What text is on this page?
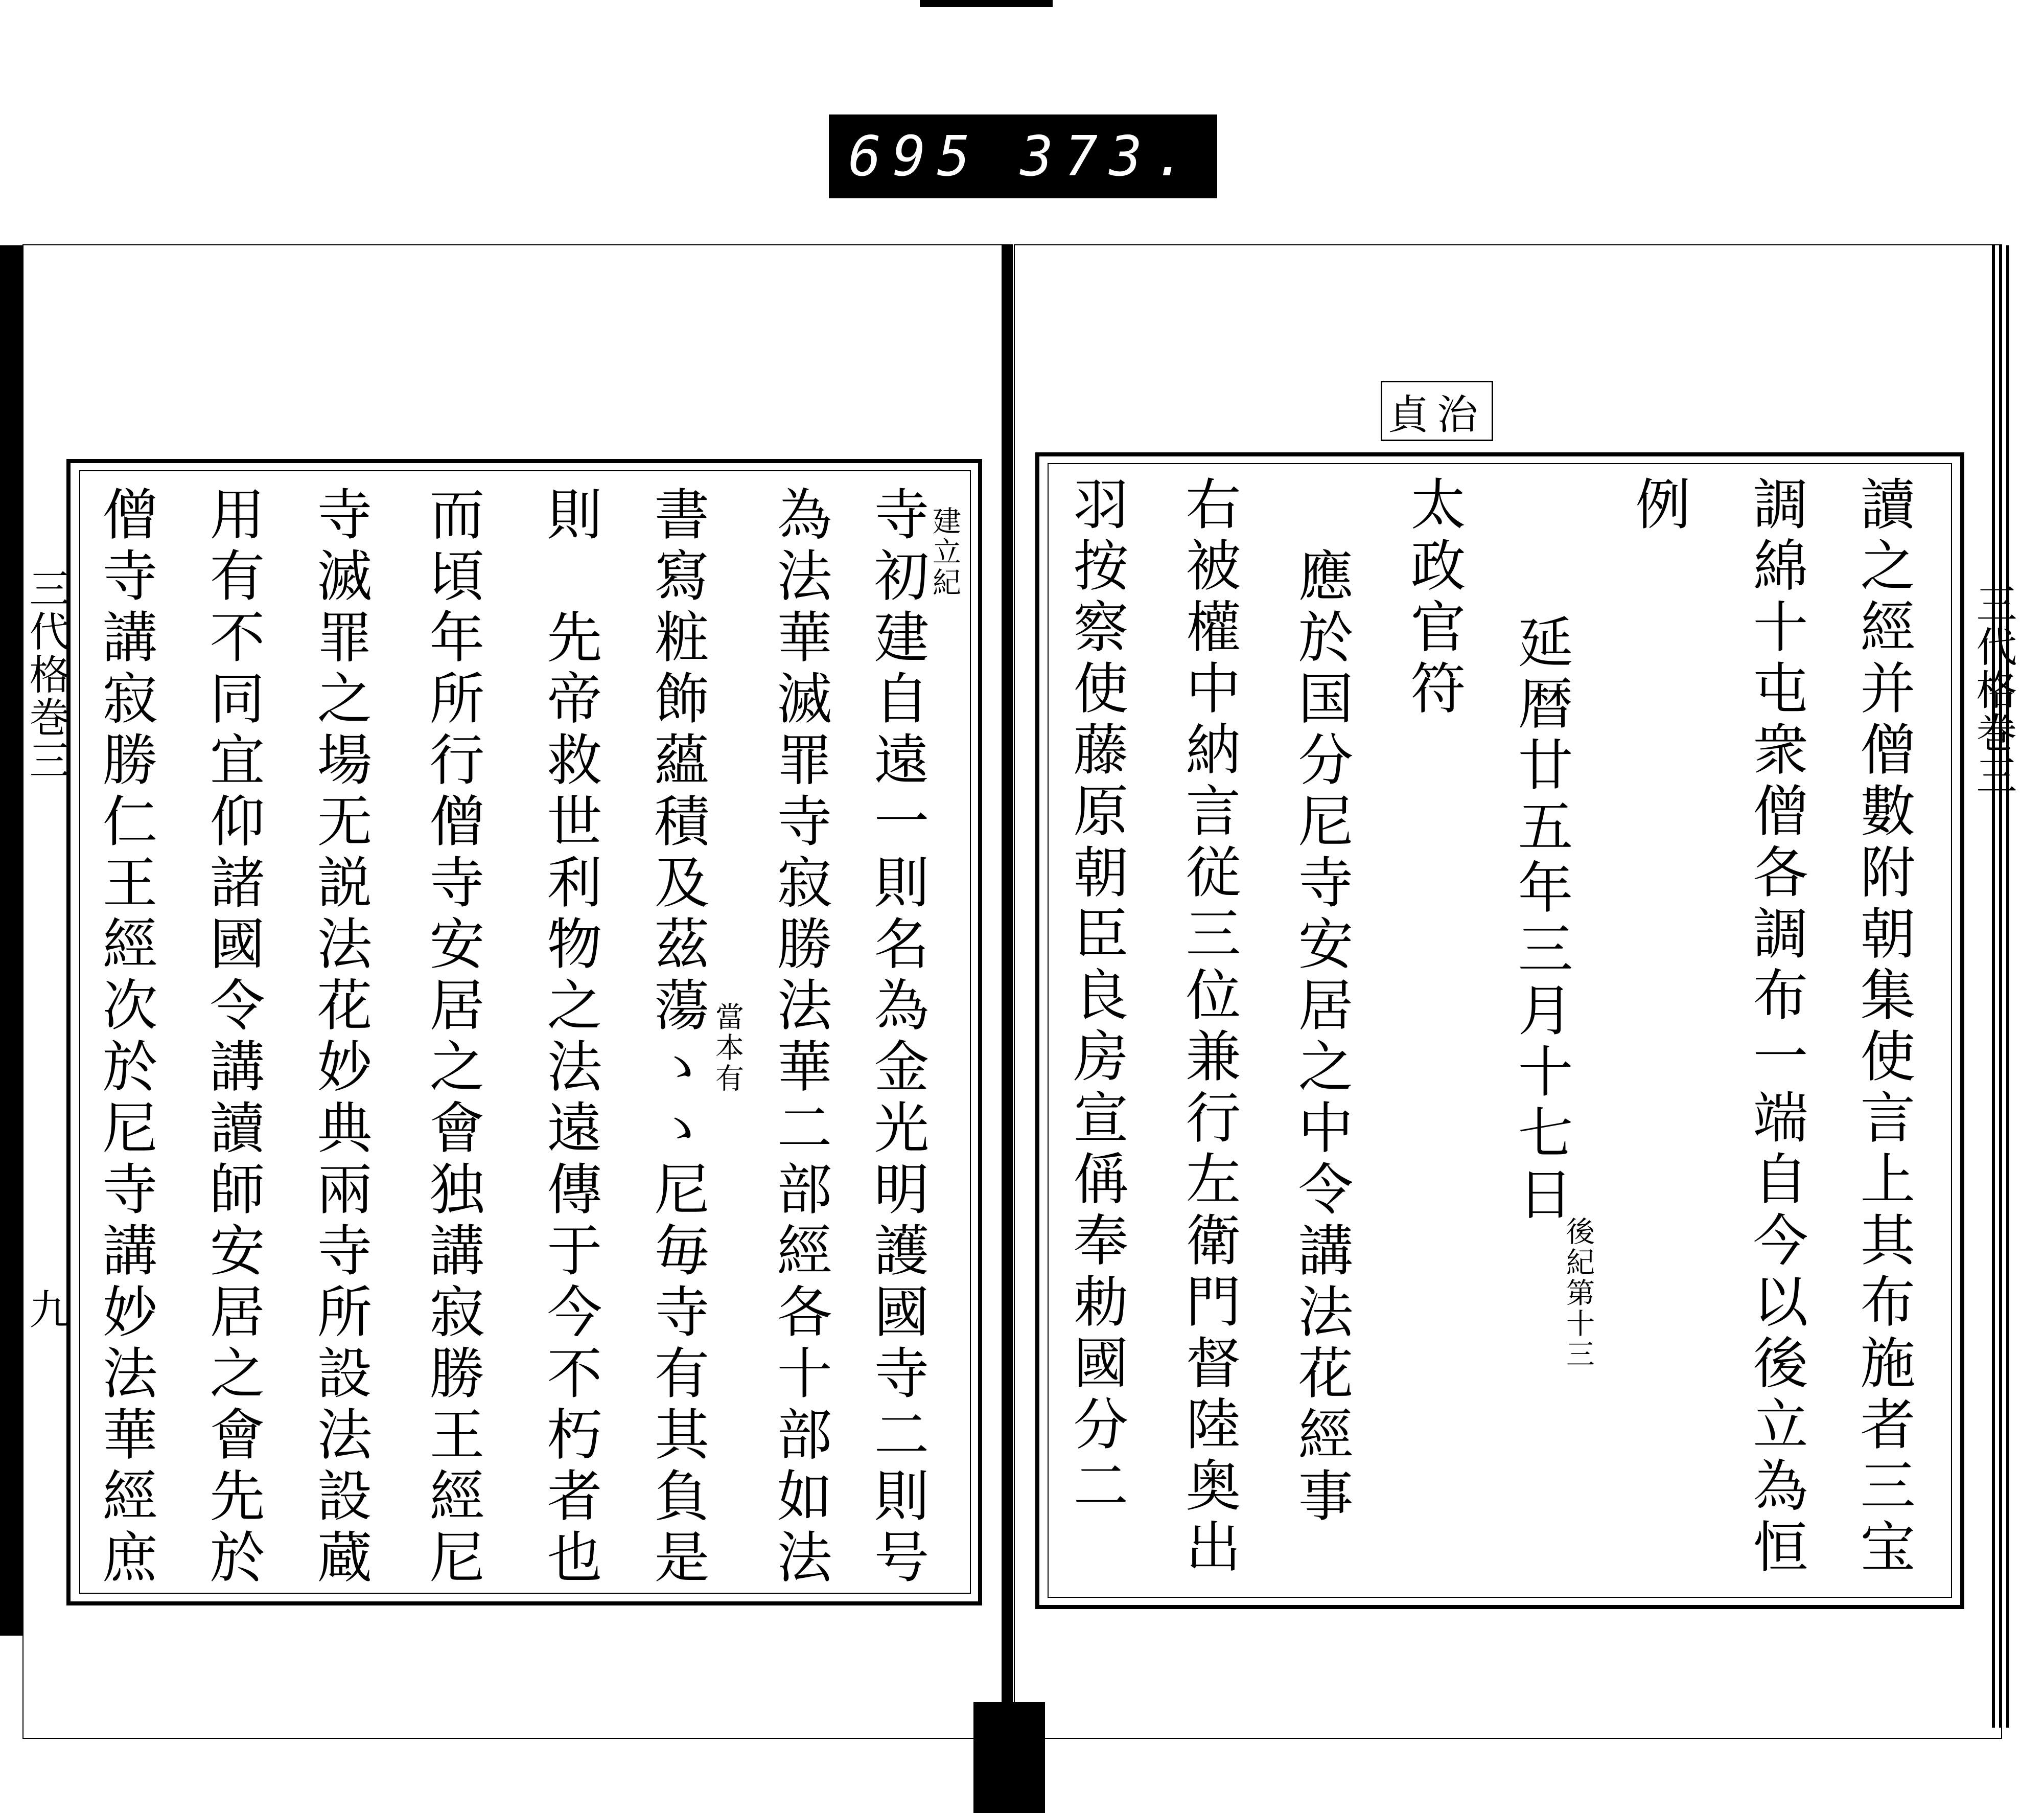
695 373.
貞治
三代格巻三
讀之經并僧數附朝集使言上其布施者三宝
調綿十屯衆僧各調布一端自今以後立為恒
例
延暦廿五年三月十七日
後紀第十三
太政官符
應於国分尼寺安居之中令講法花經事
右被權中納言従三位兼行左衛門督陸奥出
羽按察使藤原朝臣良房宣偁奉勅國分二
三代格巻三
九
建立紀
寺初建自遠一則名為金光明護國寺二則号
為法華滅罪寺寂勝法華二部經各十部如法
書寫粧飾蘊積及茲蕩ゝゝ尼毎寺有其負是 當本有
則　先帝救世利物之法遠傳于今不朽者也
而頃年所行僧寺安居之會独講寂勝王經尼
寺滅罪之場无説法花妙典兩寺所設法設蔵
用有不同宜仰諸國令講讀師安居之會先於
僧寺講寂勝仁王經次於尼寺講妙法華經庶
